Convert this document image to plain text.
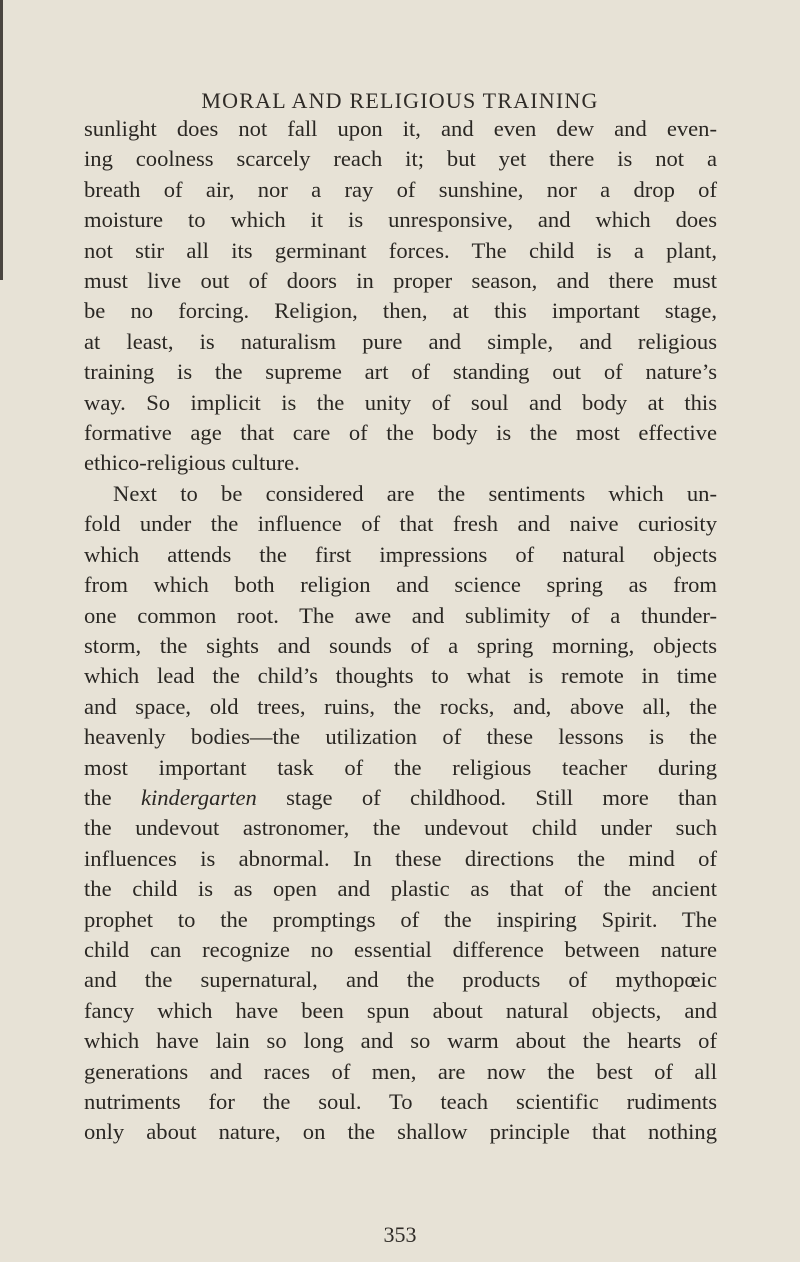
MORAL AND RELIGIOUS TRAINING
sunlight does not fall upon it, and even dew and even-
ing coolness scarcely reach it; but yet there is not a
breath of air, nor a ray of sunshine, nor a drop of
moisture to which it is unresponsive, and which does
not stir all its germinant forces. The child is a plant,
must live out of doors in proper season, and there must
be no forcing. Religion, then, at this important stage,
at least, is naturalism pure and simple, and religious
training is the supreme art of standing out of nature’s
way. So implicit is the unity of soul and body at this
formative age that care of the body is the most effective
ethico-religious culture.
Next to be considered are the sentiments which un-
fold under the influence of that fresh and naive curiosity
which attends the first impressions of natural objects
from which both religion and science spring as from
one common root. The awe and sublimity of a thunder-
storm, the sights and sounds of a spring morning, objects
which lead the child’s thoughts to what is remote in time
and space, old trees, ruins, the rocks, and, above all, the
heavenly bodies—the utilization of these lessons is the
most important task of the religious teacher during
the kindergarten stage of childhood. Still more than
the undevout astronomer, the undevout child under such
influences is abnormal. In these directions the mind of
the child is as open and plastic as that of the ancient
prophet to the promptings of the inspiring Spirit. The
child can recognize no essential difference between nature
and the supernatural, and the products of mythopœic
fancy which have been spun about natural objects, and
which have lain so long and so warm about the hearts of
generations and races of men, are now the best of all
nutriments for the soul. To teach scientific rudiments
only about nature, on the shallow principle that nothing
353
